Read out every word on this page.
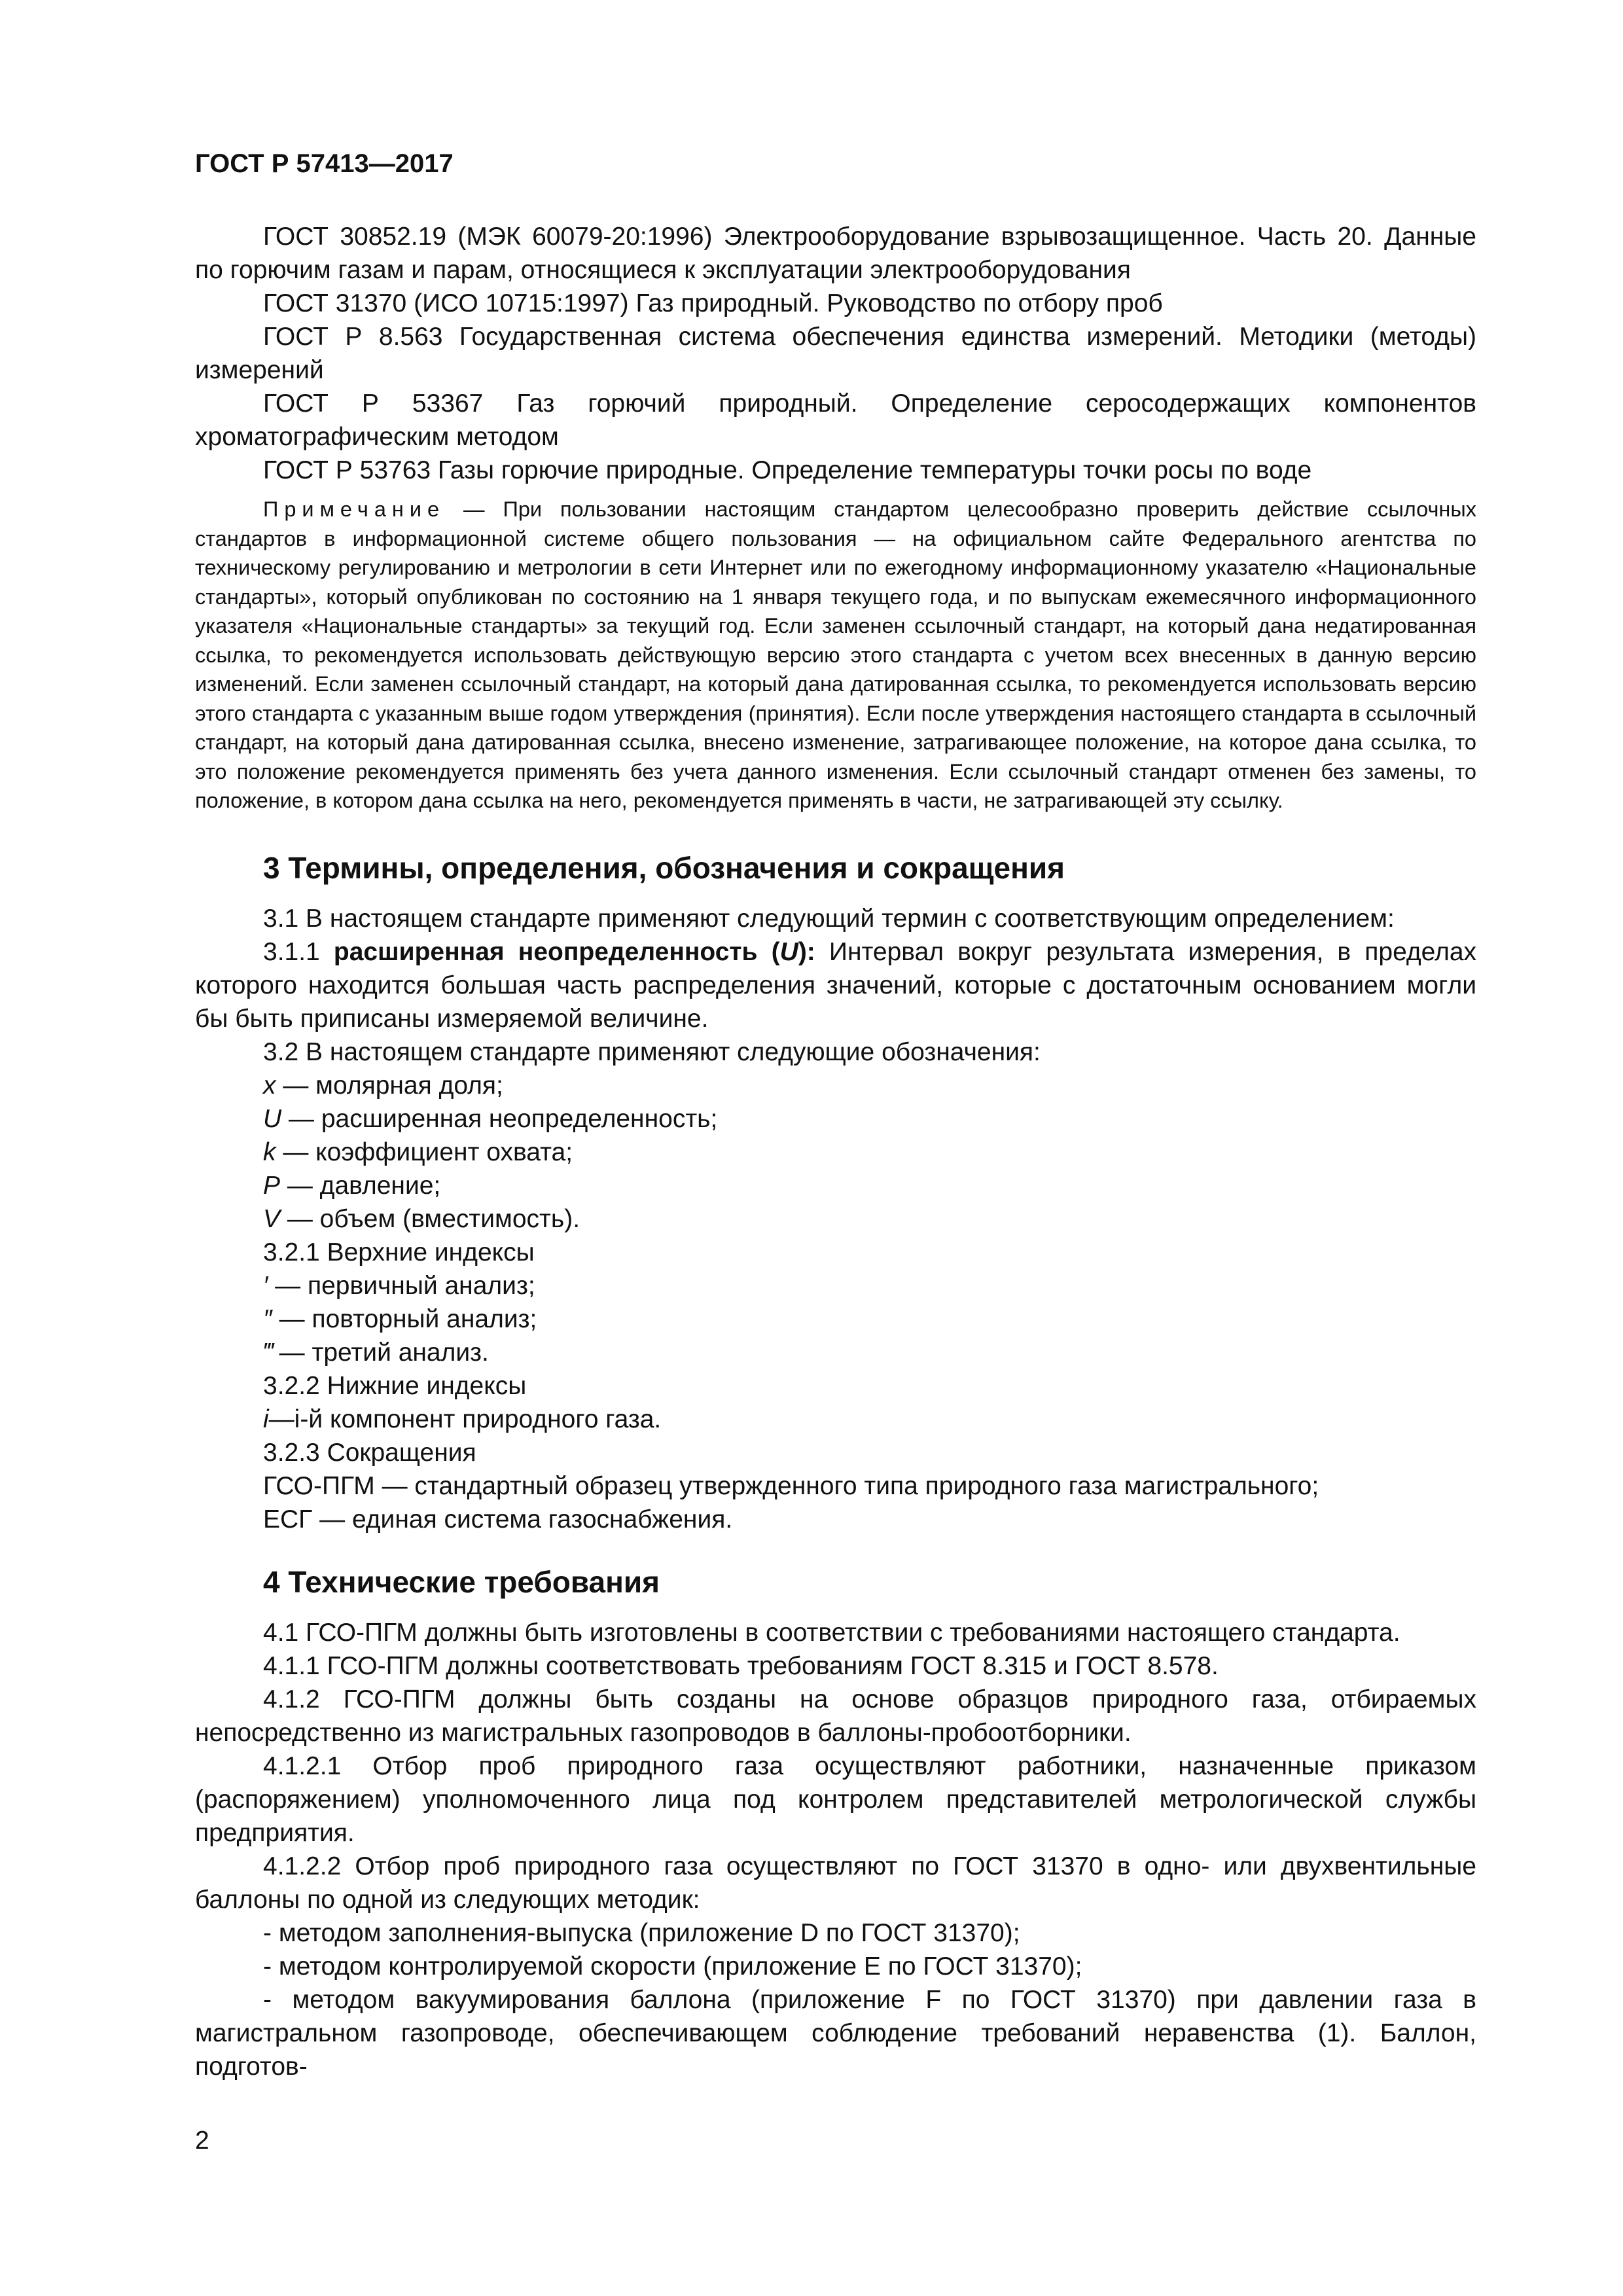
ГОСТ Р 57413—2017

ГОСТ 30852.19 (МЭК 60079-20:1996) Электрооборудование взрывозащищенное. Часть 20. Данные по горючим газам и парам, относящиеся к эксплуатации электрооборудования

ГОСТ 31370 (ИСО 10715:1997) Газ природный. Руководство по отбору проб

ГОСТ Р 8.563 Государственная система обеспечения единства измерений. Методики (методы) измерений

ГОСТ Р 53367 Газ горючий природный. Определение серосодержащих компонентов хроматографическим методом

ГОСТ Р 53763 Газы горючие природные. Определение температуры точки росы по воде

Примечание — При пользовании настоящим стандартом целесообразно проверить действие ссылочных стандартов в информационной системе общего пользования — на официальном сайте Федерального агентства по техническому регулированию и метрологии в сети Интернет или по ежегодному информационному указателю «Национальные стандарты», который опубликован по состоянию на 1 января текущего года, и по выпускам ежемесячного информационного указателя «Национальные стандарты» за текущий год. Если заменен ссылочный стандарт, на который дана недатированная ссылка, то рекомендуется использовать действующую версию этого стандарта с учетом всех внесенных в данную версию изменений. Если заменен ссылочный стандарт, на который дана датированная ссылка, то рекомендуется использовать версию этого стандарта с указанным выше годом утверждения (принятия). Если после утверждения настоящего стандарта в ссылочный стандарт, на который дана датированная ссылка, внесено изменение, затрагивающее положение, на которое дана ссылка, то это положение рекомендуется применять без учета данного изменения. Если ссылочный стандарт отменен без замены, то положение, в котором дана ссылка на него, рекомендуется применять в части, не затрагивающей эту ссылку.

3 Термины, определения, обозначения и сокращения

3.1 В настоящем стандарте применяют следующий термин с соответствующим определением:

3.1.1 расширенная неопределенность (U): Интервал вокруг результата измерения, в пределах которого находится большая часть распределения значений, которые с достаточным основанием могли бы быть приписаны измеряемой величине.

3.2 В настоящем стандарте применяют следующие обозначения:

x — молярная доля;

U — расширенная неопределенность;

k — коэффициент охвата;

P — давление;

V — объем (вместимость).

3.2.1 Верхние индексы

′ — первичный анализ;

″ — повторный анализ;

‴ — третий анализ.

3.2.2 Нижние индексы

i—i-й компонент природного газа.

3.2.3 Сокращения

ГСО-ПГМ — стандартный образец утвержденного типа природного газа магистрального;

ЕСГ — единая система газоснабжения.

4 Технические требования

4.1 ГСО-ПГМ должны быть изготовлены в соответствии с требованиями настоящего стандарта.

4.1.1 ГСО-ПГМ должны соответствовать требованиям ГОСТ 8.315 и ГОСТ 8.578.

4.1.2 ГСО-ПГМ должны быть созданы на основе образцов природного газа, отбираемых непосредственно из магистральных газопроводов в баллоны-пробоотборники.

4.1.2.1 Отбор проб природного газа осуществляют работники, назначенные приказом (распоряжением) уполномоченного лица под контролем представителей метрологической службы предприятия.

4.1.2.2 Отбор проб природного газа осуществляют по ГОСТ 31370 в одно- или двухвентильные баллоны по одной из следующих методик:

- методом заполнения-выпуска (приложение D по ГОСТ 31370);

- методом контролируемой скорости (приложение E по ГОСТ 31370);

- методом вакуумирования баллона (приложение F по ГОСТ 31370) при давлении газа в магистральном газопроводе, обеспечивающем соблюдение требований неравенства (1). Баллон, подготов-

2
